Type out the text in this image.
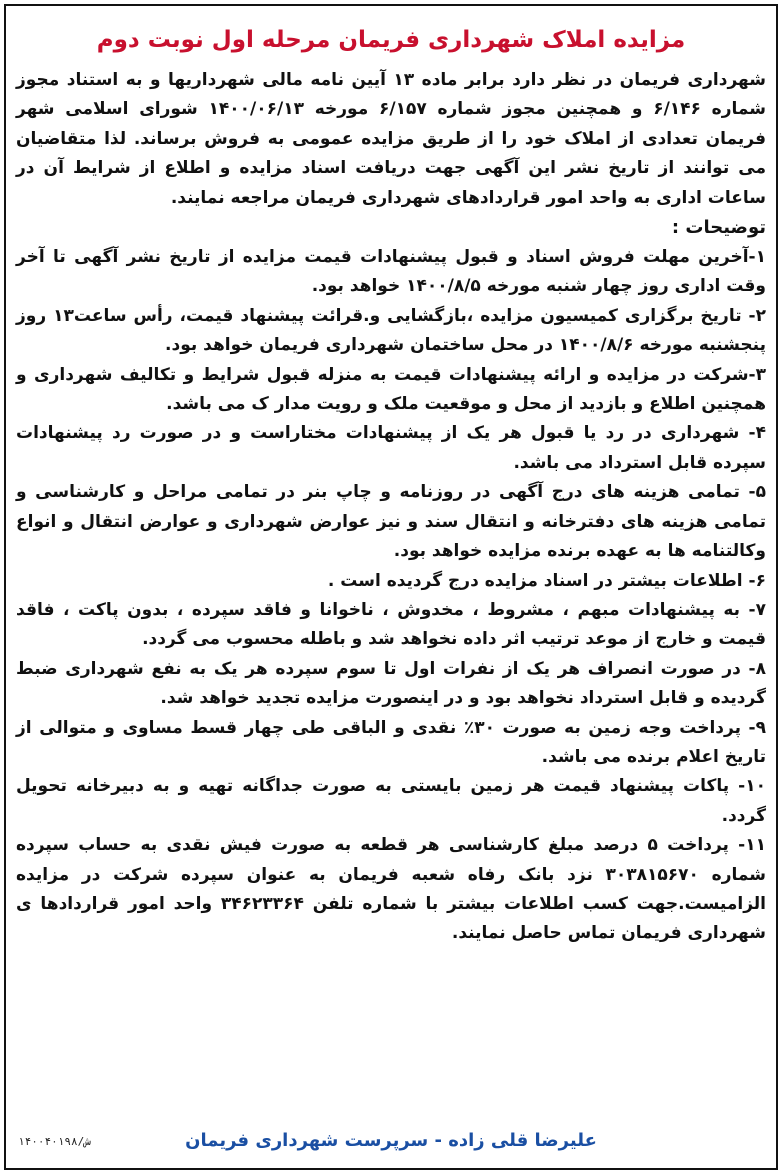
مزایده املاک شهرداری فریمان مرحله اول نوبت دوم

شهرداری فریمان در نظر دارد برابر ماده ۱۳ آیین نامه مالی شهرداریها و به استناد مجوز شماره ۶/۱۴۶ و همچنین مجوز شماره ۶/۱۵۷ مورخه ۱۴۰۰/۰۶/۱۳ شورای اسلامی شهر فریمان تعدادی از املاک خود را از طریق مزایده عمومی به فروش برساند. لذا متقاضیان می توانند از تاریخ نشر این آگهی جهت دریافت اسناد مزایده و اطلاع از شرایط آن در ساعات اداری به واحد امور قراردادهای شهرداری فریمان مراجعه نمایند.

توضیحات :
۱-آخرین مهلت فروش اسناد و قبول پیشنهادات قیمت مزایده از تاریخ نشر آگهی تا آخر وقت اداری روز چهار شنبه مورخه ۱۴۰۰/۸/۵ خواهد بود.
۲- تاریخ برگزاری کمیسیون مزایده ،بازگشایی و.قرائت پیشنهاد قیمت، رأس ساعت۱۳ روز پنجشنبه مورخه ۱۴۰۰/۸/۶ در محل ساختمان شهرداری فریمان خواهد بود.
۳-شرکت در مزایده و ارائه پیشنهادات قیمت به منزله قبول شرایط و تکالیف شهرداری و همچنین اطلاع و بازدید از محل و موقعیت ملک و رویت مدار ک می باشد.
۴- شهرداری در رد یا قبول هر یک از پیشنهادات مختاراست و در صورت رد پیشنهادات سپرده قابل استرداد می باشد.
۵- تمامی هزینه های درج آگهی در روزنامه و چاپ بنر در تمامی مراحل و کارشناسی و تمامی هزینه های دفترخانه و انتقال سند و نیز عوارض شهرداری و عوارض انتقال و انواع وکالتنامه ها به عهده برنده مزایده خواهد بود.
۶- اطلاعات بیشتر در اسناد مزایده درج گردیده است .
۷- به پیشنهادات مبهم ، مشروط ، مخدوش ، ناخوانا و فاقد سپرده ، بدون پاکت ، فاقد قیمت و خارج از موعد ترتیب اثر داده نخواهد شد و باطله محسوب می گردد.
۸- در صورت انصراف هر یک از نفرات اول تا سوم سپرده هر یک به نفع شهرداری ضبط گردیده و قابل استرداد نخواهد بود و در اینصورت مزایده تجدید خواهد شد.
۹- پرداخت وجه زمین به صورت ۳۰٪ نقدی و الباقی طی چهار قسط مساوی و متوالی از تاریخ اعلام برنده می باشد.
۱۰- پاکات پیشنهاد قیمت هر زمین بایستی به صورت جداگانه تهیه و به دبیرخانه تحویل گردد.
۱۱- پرداخت ۵ درصد مبلغ کارشناسی هر قطعه به صورت فیش نقدی به حساب سپرده شماره ۳۰۳۸۱۵۶۷۰ نزد بانک رفاه شعبه فریمان به عنوان سپرده شرکت در مزایده الزامیست.جهت کسب اطلاعات بیشتر با شماره تلفن ۳۴۶۲۳۳۶۴ واحد امور قراردادها ی شهرداری فریمان تماس حاصل نمایند.
علیرضا قلی زاده - سرپرست شهرداری فریمان
۱۴۰۰۴۰۱۹۸/ش
